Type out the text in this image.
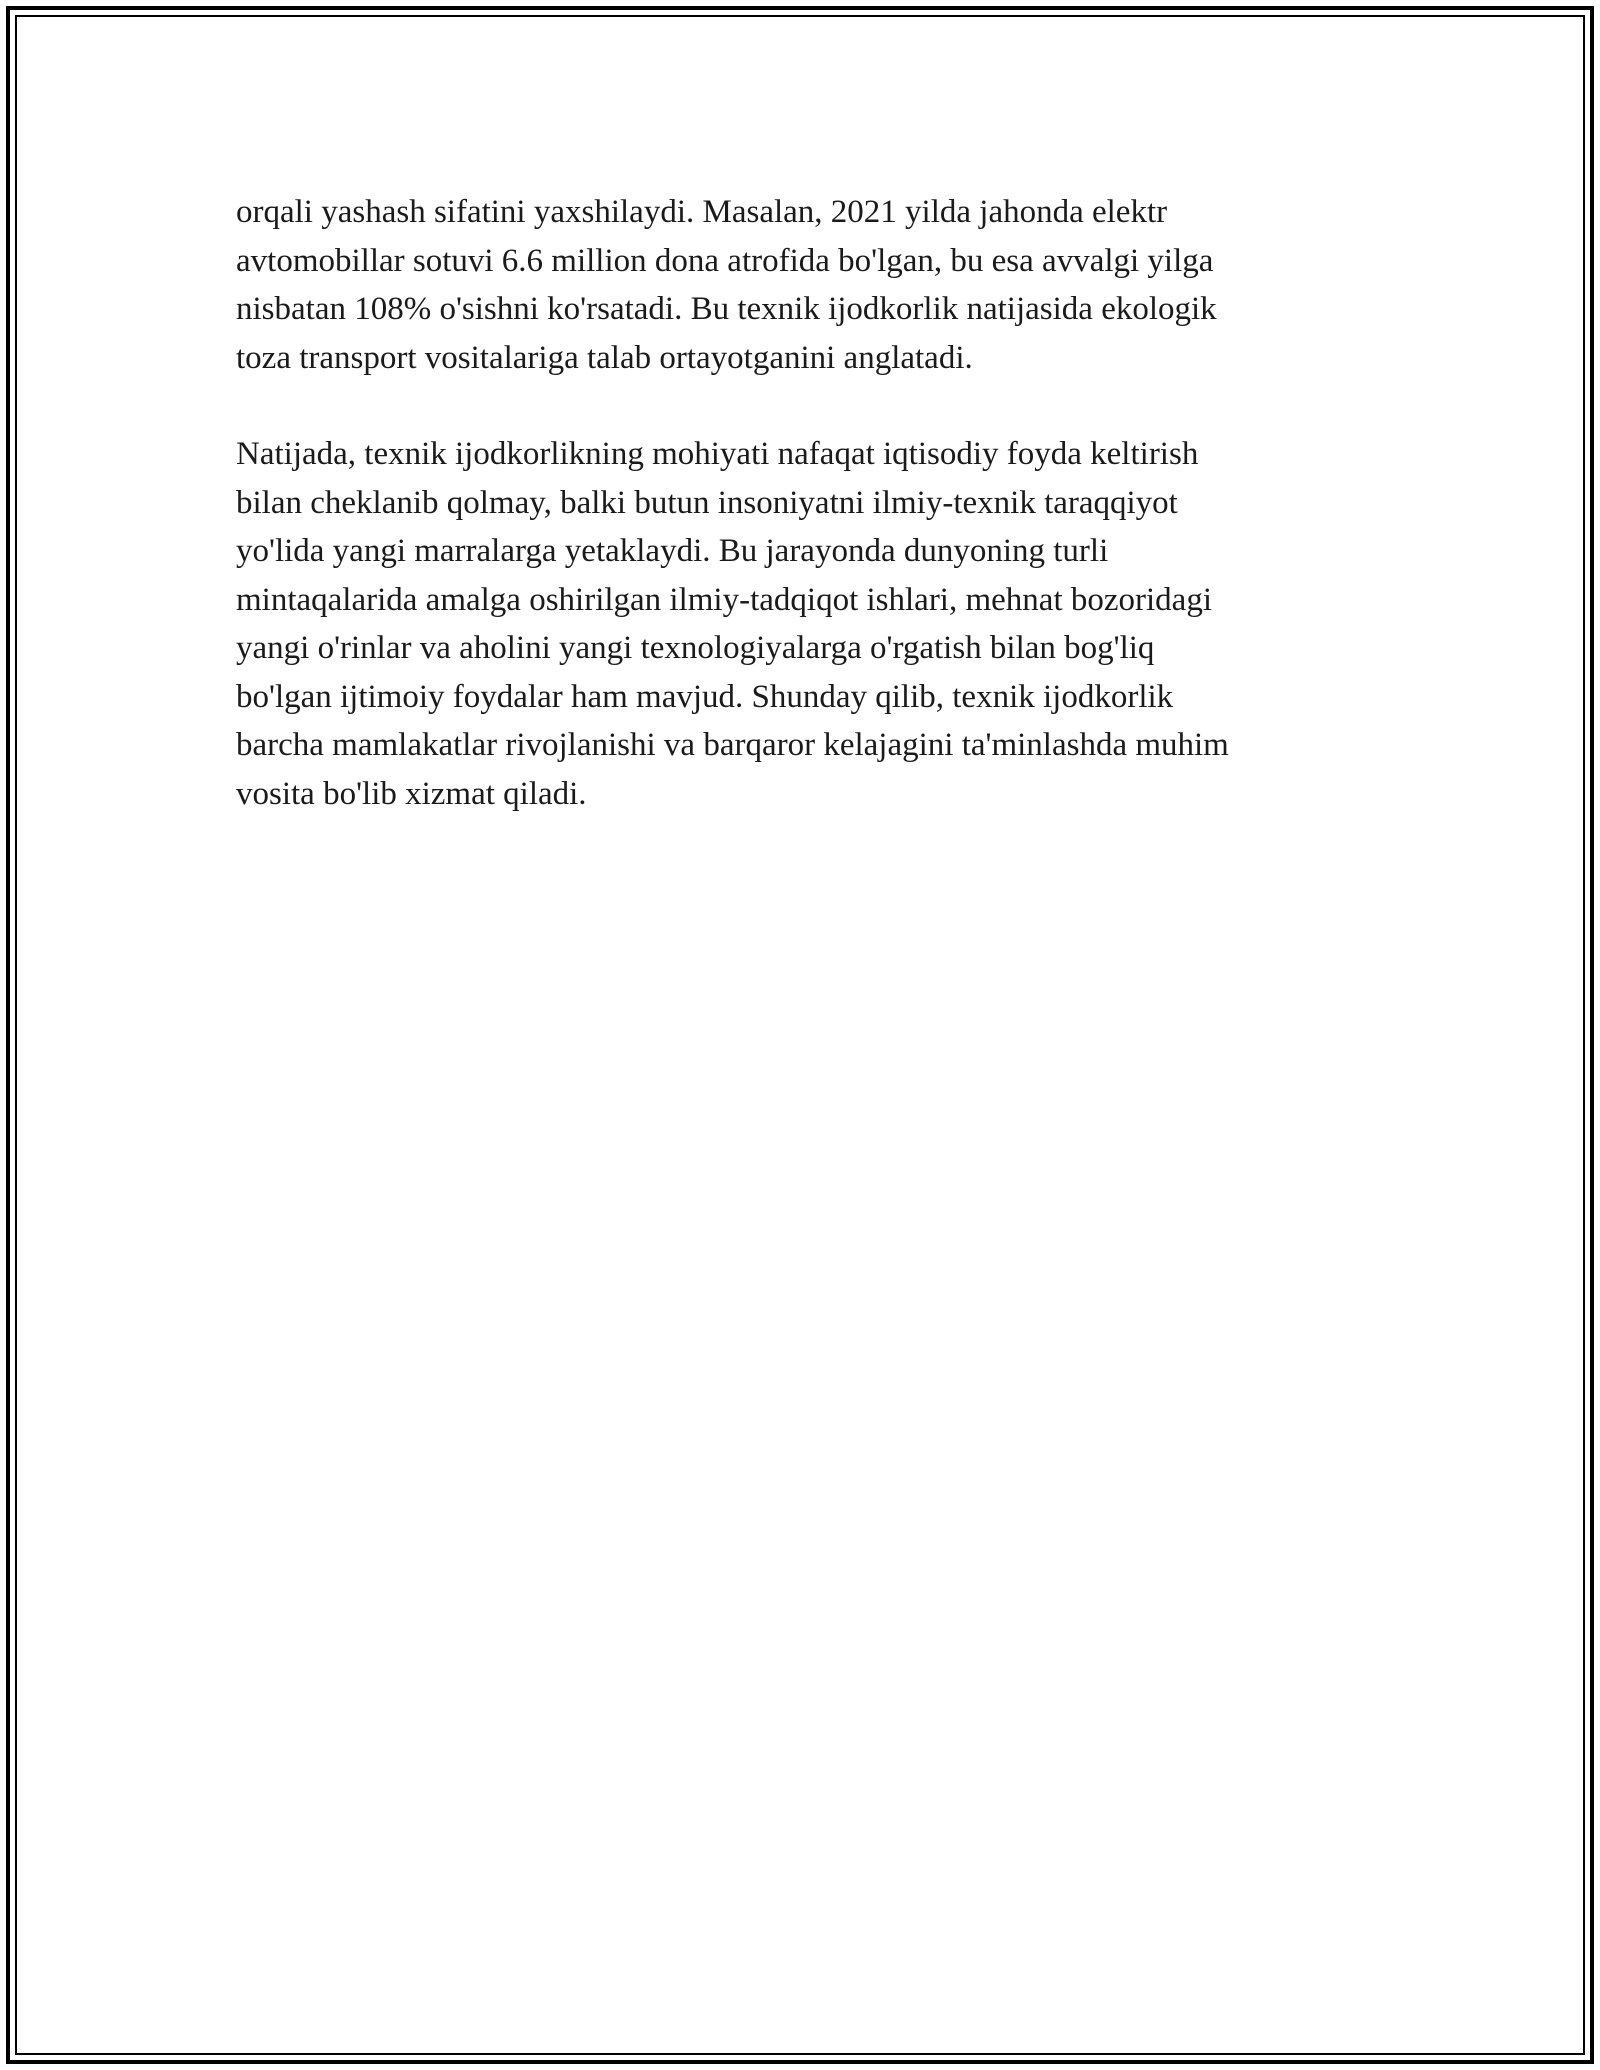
orqali yashash sifatini yaxshilaydi. Masalan, 2021 yilda jahonda elektr
avtomobillar sotuvi 6.6 million dona atrofida bo'lgan, bu esa avvalgi yilga
nisbatan 108% o'sishni ko'rsatadi. Bu texnik ijodkorlik natijasida ekologik
toza transport vositalariga talab ortayotganini anglatadi.

Natijada, texnik ijodkorlikning mohiyati nafaqat iqtisodiy foyda keltirish
bilan cheklanib qolmay, balki butun insoniyatni ilmiy-texnik taraqqiyot
yo'lida yangi marralarga yetaklaydi. Bu jarayonda dunyoning turli
mintaqalarida amalga oshirilgan ilmiy-tadqiqot ishlari, mehnat bozoridagi
yangi o'rinlar va aholini yangi texnologiyalarga o'rgatish bilan bog'liq
bo'lgan ijtimoiy foydalar ham mavjud. Shunday qilib, texnik ijodkorlik
barcha mamlakatlar rivojlanishi va barqaror kelajagini ta'minlashda muhim
vosita bo'lib xizmat qiladi.
